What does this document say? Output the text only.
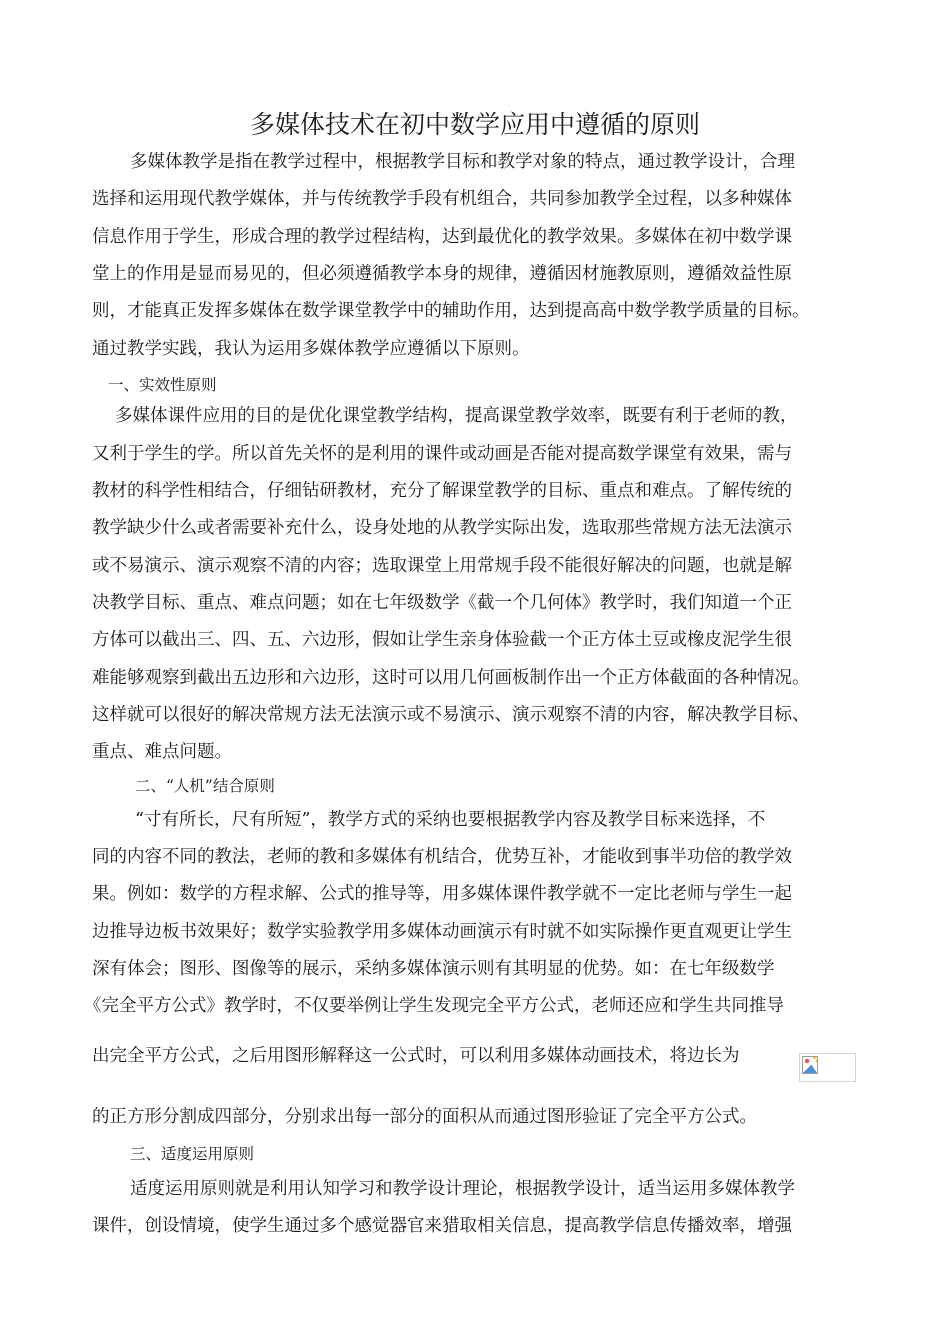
多媒体技术在初中数学应用中遵循的原则
多媒体教学是指在教学过程中，根据教学目标和教学对象的特点，通过教学设计，合理
选择和运用现代教学媒体，并与传统教学手段有机组合，共同参加教学全过程，以多种媒体
信息作用于学生，形成合理的教学过程结构，达到最优化的教学效果。多媒体在初中数学课
堂上的作用是显而易见的，但必须遵循教学本身的规律，遵循因材施教原则，遵循效益性原
则，才能真正发挥多媒体在数学课堂教学中的辅助作用，达到提高高中数学教学质量的目标。
通过教学实践，我认为运用多媒体教学应遵循以下原则。
一、实效性原则
多媒体课件应用的目的是优化课堂教学结构，提高课堂教学效率，既要有利于老师的教，
又利于学生的学。所以首先关怀的是利用的课件或动画是否能对提高数学课堂有效果，需与
教材的科学性相结合，仔细钻研教材，充分了解课堂教学的目标、重点和难点。了解传统的
教学缺少什么或者需要补充什么，设身处地的从教学实际出发，选取那些常规方法无法演示
或不易演示、演示观察不清的内容；选取课堂上用常规手段不能很好解决的问题，也就是解
决教学目标、重点、难点问题；如在七年级数学《截一个几何体》教学时，我们知道一个正
方体可以截出三、四、五、六边形，假如让学生亲身体验截一个正方体土豆或橡皮泥学生很
难能够观察到截出五边形和六边形，这时可以用几何画板制作出一个正方体截面的各种情况。
这样就可以很好的解决常规方法无法演示或不易演示、演示观察不清的内容，解决教学目标、
重点、难点问题。
二、“人机”结合原则
“寸有所长，尺有所短”，教学方式的采纳也要根据教学内容及教学目标来选择，不
同的内容不同的教法，老师的教和多媒体有机结合，优势互补，才能收到事半功倍的教学效
果。例如：数学的方程求解、公式的推导等，用多媒体课件教学就不一定比老师与学生一起
边推导边板书效果好；数学实验教学用多媒体动画演示有时就不如实际操作更直观更让学生
深有体会；图形、图像等的展示，采纳多媒体演示则有其明显的优势。如：在七年级数学
《完全平方公式》教学时，不仅要举例让学生发现完全平方公式，老师还应和学生共同推导
出完全平方公式，之后用图形解释这一公式时，可以利用多媒体动画技术，将边长为
的正方形分割成四部分，分别求出每一部分的面积从而通过图形验证了完全平方公式。
三、适度运用原则
适度运用原则就是利用认知学习和教学设计理论，根据教学设计，适当运用多媒体教学
课件，创设情境，使学生通过多个感觉器官来猎取相关信息，提高教学信息传播效率，增强
